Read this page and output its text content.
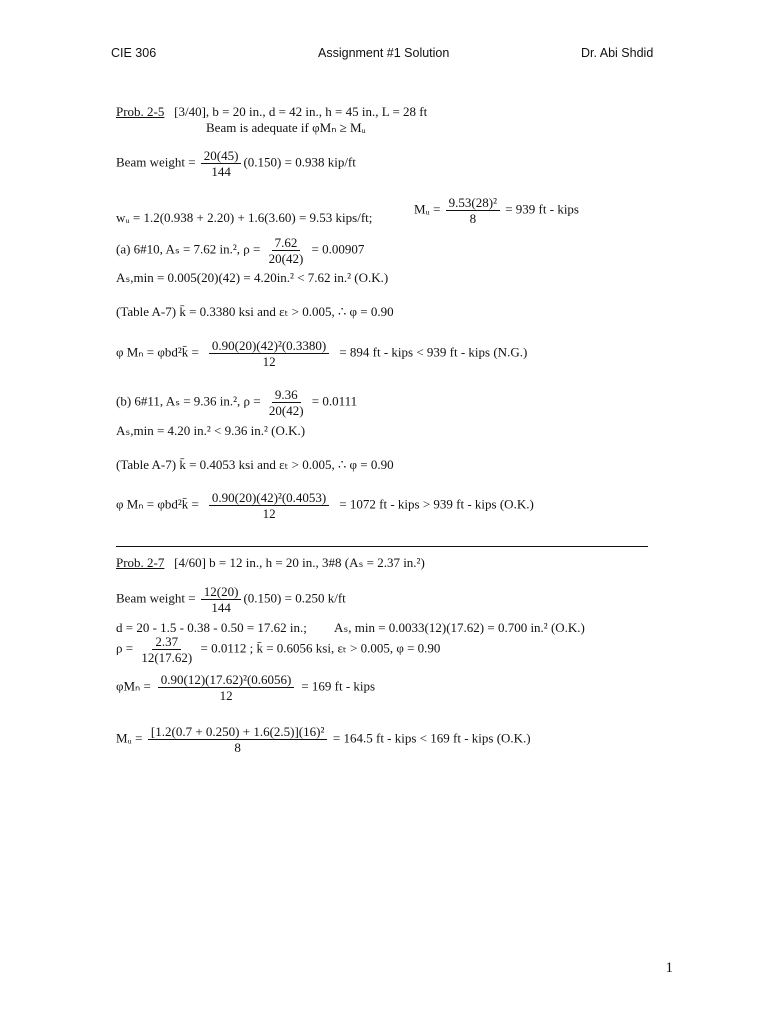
CIE 306	Assignment #1 Solution	Dr. Abi Shdid
Prob. 2-5 [3/40], b = 20 in., d = 42 in., h = 45 in., L = 28 ft
Beam is adequate if φMₙ ≥ Mᵤ
Beam weight = $\frac{20(45)}{144} (0.150) = 0.938$ kip/ft
wᵤ = 1.2(0.938 + 2.20) + 1.6(3.60) = 9.53 kips/ft;
Mᵤ = $\frac{\text{9.53(28)²}}{8} = 939$ ft - kips
(a) 6#10, Aₛ = 7.62 in.², $\rho = \frac{7.62}{20(42)} = 0.00907$
Aₛ,min = 0.005(20)(42) = 4.20in.² < 7.62 in.² (O.K.)
(Table A-7) k̄ = 0.3380 ksi and εₜ > 0.005, ∴ φ = 0.90
φ Mₙ = φbd²k̄ = $\frac{\text{0.90(20)(42)²(0.3380)}}{12} = 894$ ft - kips < 939 ft - kips (N.G.)
(b) 6#11, Aₛ = 9.36 in.², $\rho = \frac{9.36}{20(42)} = 0.0111$
Aₛ,min = 4.20 in.² < 9.36 in.² (O.K.)
(Table A-7) k̄ = 0.4053 ksi and εₜ > 0.005, ∴ φ = 0.90
φ Mₙ = φbd²k̄ = $\frac{\text{0.90(20)(42)²(0.4053)}}{12} = 1072$ ft - kips > 939 ft - kips (O.K.)
Prob. 2-7 [4/60] b = 12 in., h = 20 in., 3#8 (Aₛ = 2.37 in.²)
Beam weight = $\frac{12(20)}{144} (0.150) = 0.250$ k/ft
d = 20 - 1.5 - 0.38 - 0.50 = 17.62 in.; Aₛ, min = 0.0033(12)(17.62) = 0.700 in.² (O.K.)
$\rho = \frac{2.37}{12(17.62)} = 0.0112$ ; k̄ = 0.6056 ksi, εₜ > 0.005, φ = 0.90
$\varphi M_n = \frac{\text{0.90(12)(17.62)²(0.6056)}}{12} = 169$ ft - kips
Mᵤ = $\frac{\text{[1.2(0.7 + 0.250) + 1.6(2.5)](16)²}}{8} = 164.5$ ft - kips < 169 ft - kips (O.K.)
1
